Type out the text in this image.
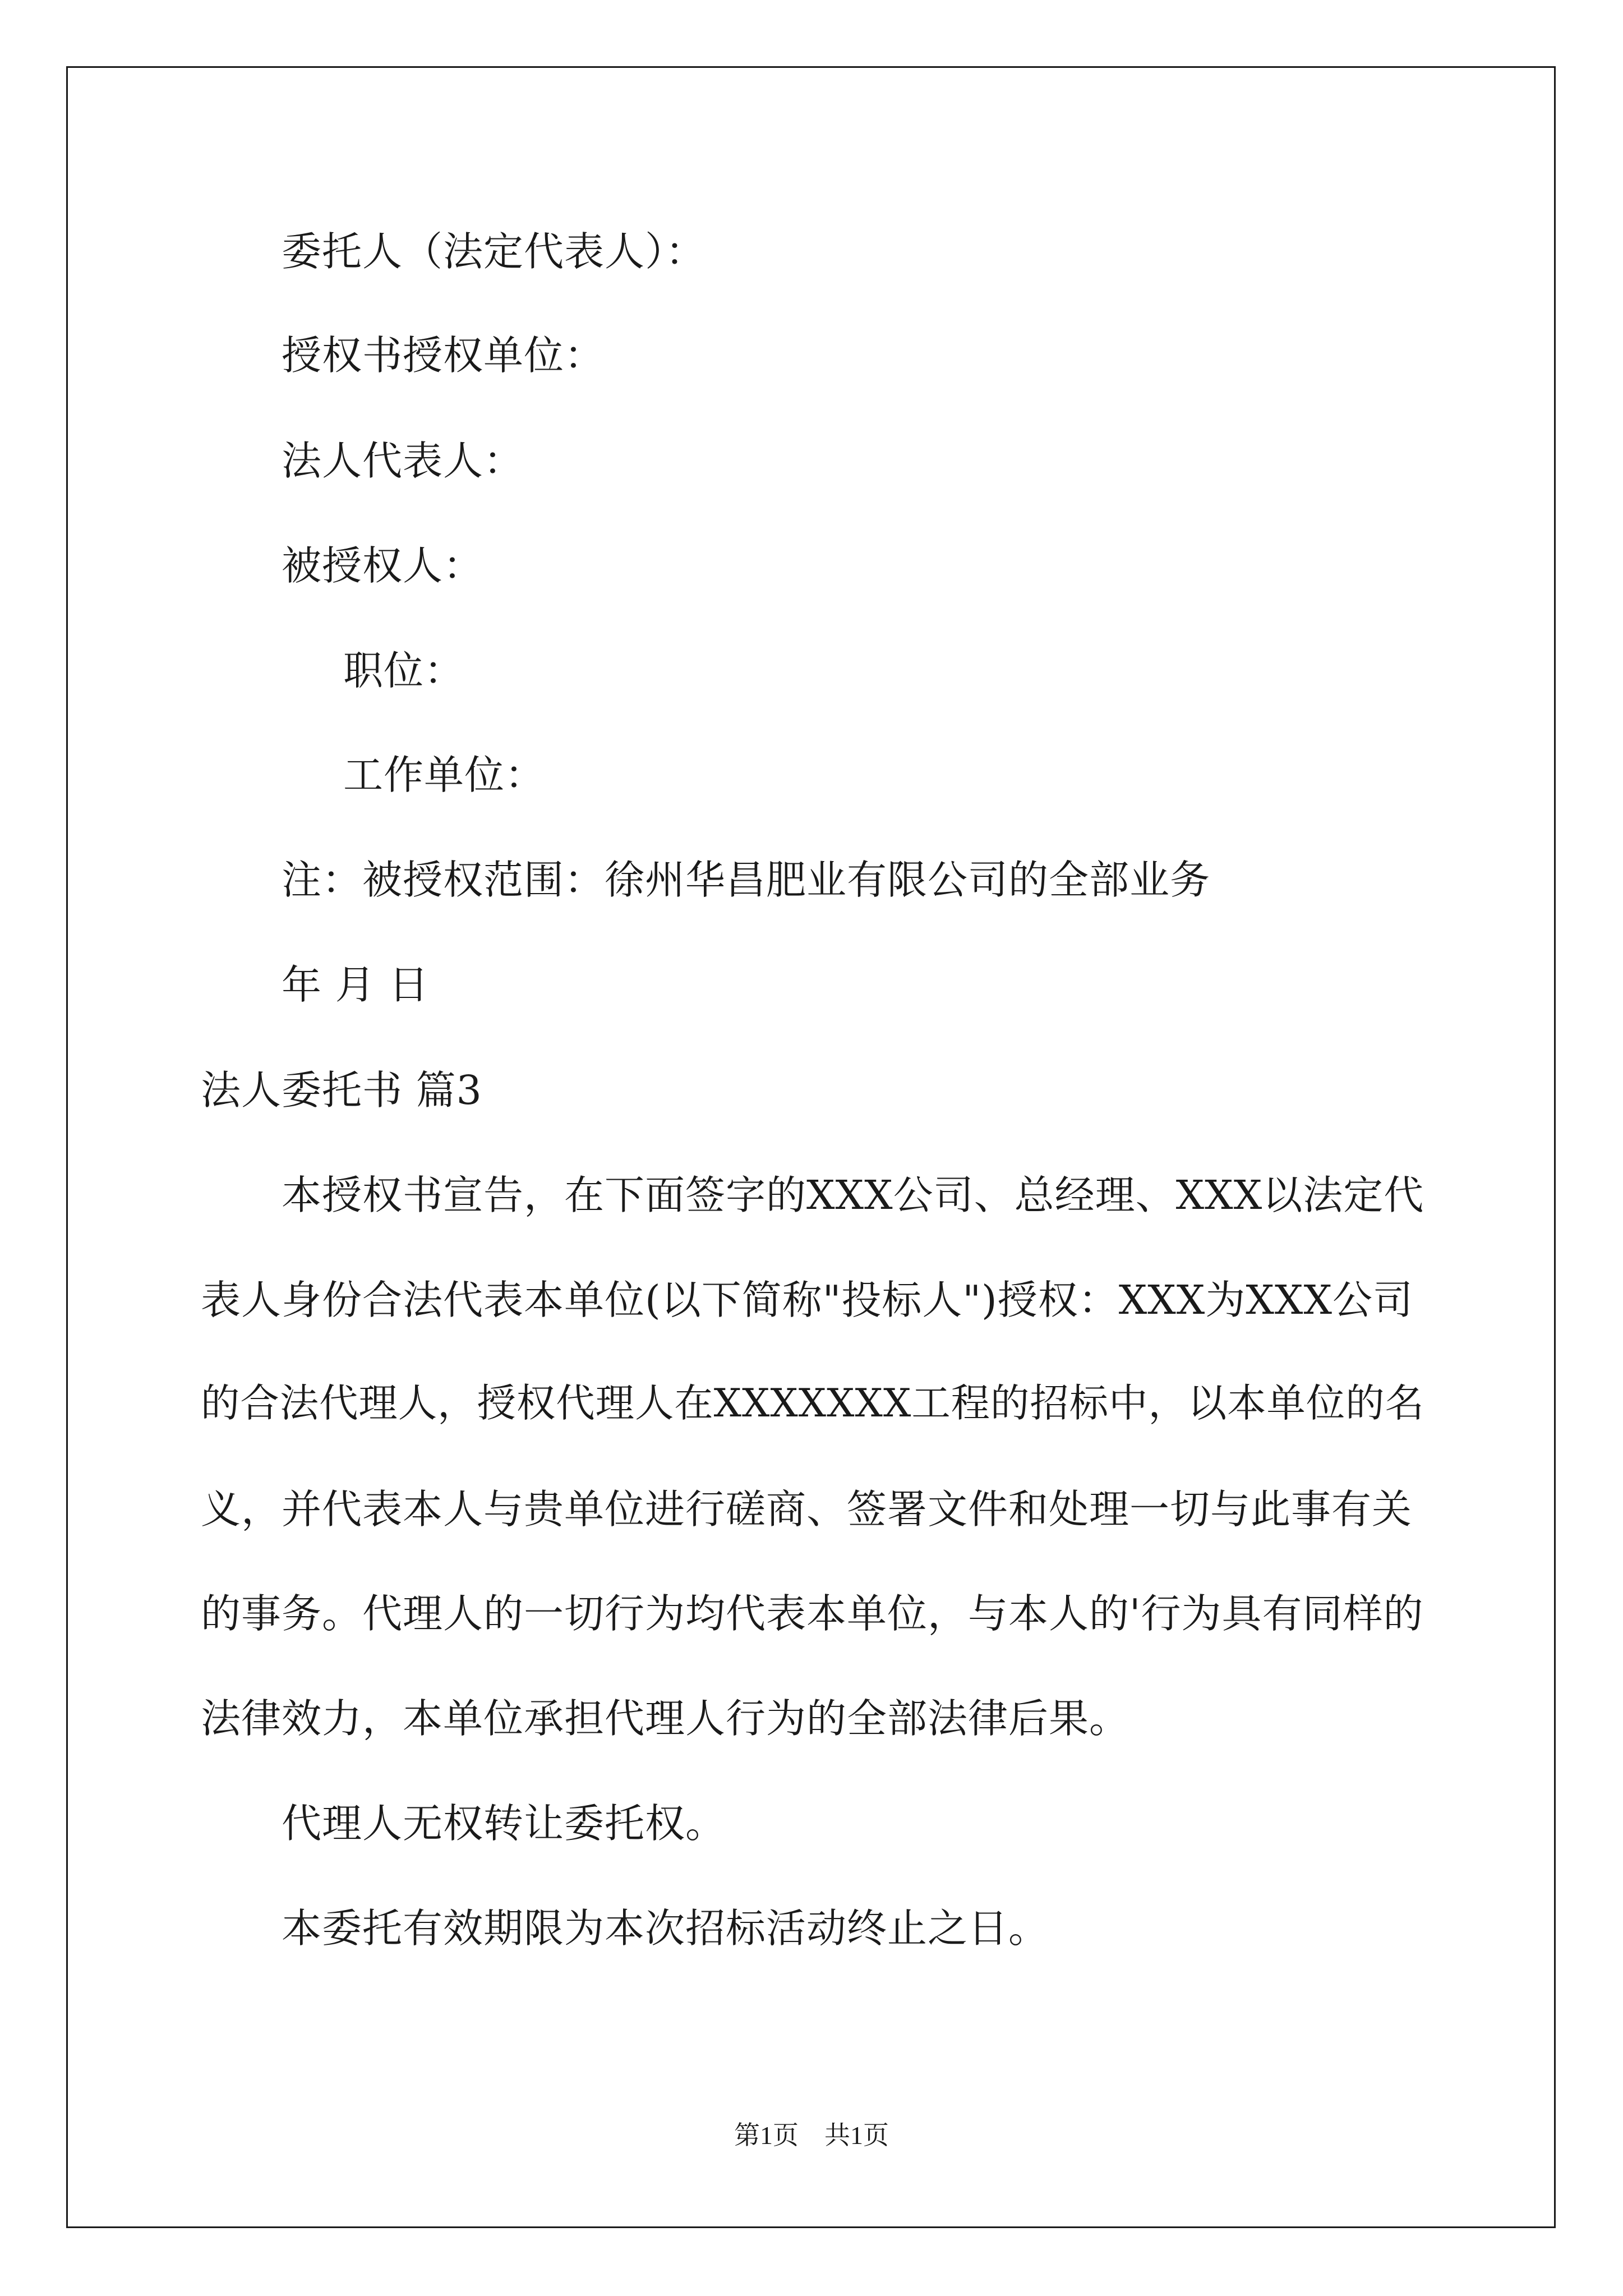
委托人（法定代表人）：
授权书授权单位：
法人代表人：
被授权人：
职位：
工作单位：
注：被授权范围：徐州华昌肥业有限公司的全部业务
年 月 日
法人委托书 篇3
本授权书宣告，在下面签字的XXX公司、总经理、XXX以法定代
表人身份合法代表本单位(以下简称"投标人")授权：XXX为XXX公司
的合法代理人，授权代理人在XXXXXXX工程的招标中，以本单位的名
义，并代表本人与贵单位进行磋商、签署文件和处理一切与此事有关
的事务。代理人的一切行为均代表本单位，与本人的'行为具有同样的
法律效力，本单位承担代理人行为的全部法律后果。
代理人无权转让委托权。
本委托有效期限为本次招标活动终止之日。
第1页　共1页
